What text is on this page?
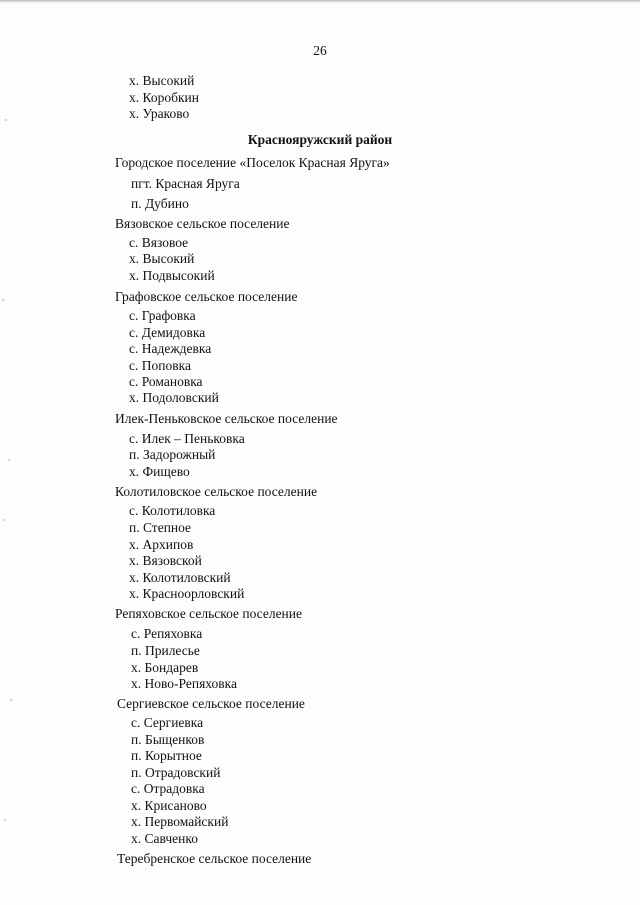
26
Краснояружский район
х. Высокий
х. Коробкин
х. Ураково
Городское поселение «Поселок Красная Яруга»
пгт. Красная Яруга
п. Дубино
Вязовское сельское поселение
с. Вязовое
х. Высокий
х. Подвысокий
Графовское сельское поселение
с. Графовка
с. Демидовка
с. Надеждевка
с. Поповка
с. Романовка
х. Подоловский
Илек-Пеньковское сельское поселение
с. Илек – Пеньковка
п. Задорожный
х. Фищево
Колотиловское сельское поселение
с. Колотиловка
п. Степное
х. Архипов
х. Вязовской
х. Колотиловский
х. Красноорловский
Репяховское сельское поселение
с. Репяховка
п. Прилесье
х. Бондарев
х. Ново-Репяховка
Сергиевское сельское поселение
с. Сергиевка
п. Быщенков
п. Корытное
п. Отрадовский
с. Отрадовка
х. Крисаново
х. Первомайский
х. Савченко
Теребренское сельское поселение
